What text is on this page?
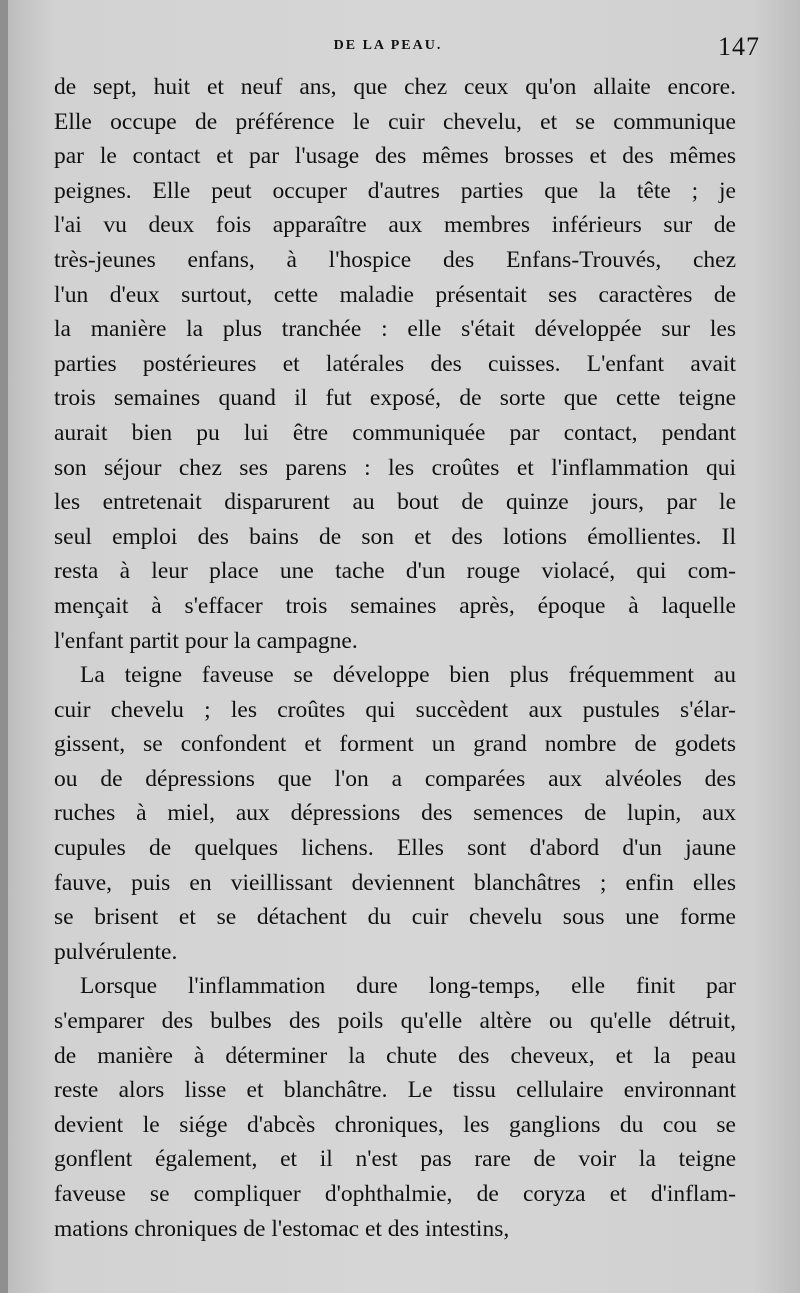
DE LA PEAU.	147
de sept, huit et neuf ans, que chez ceux qu'on allaite encore.
Elle occupe de préférence le cuir chevelu, et se communique
par le contact et par l'usage des mêmes brosses et des mêmes
peignes. Elle peut occuper d'autres parties que la tête ; je
l'ai vu deux fois apparaître aux membres inférieurs sur de
très-jeunes enfans, à l'hospice des Enfans-Trouvés, chez
l'un d'eux surtout, cette maladie présentait ses caractères de
la manière la plus tranchée : elle s'était développée sur les
parties postérieures et latérales des cuisses. L'enfant avait
trois semaines quand il fut exposé, de sorte que cette teigne
aurait bien pu lui être communiquée par contact, pendant
son séjour chez ses parens : les croûtes et l'inflammation qui
les entretenait disparurent au bout de quinze jours, par le
seul emploi des bains de son et des lotions émollientes. Il
resta à leur place une tache d'un rouge violacé, qui com-
mençait à s'effacer trois semaines après, époque à laquelle
l'enfant partit pour la campagne.
La teigne faveuse se développe bien plus fréquemment au
cuir chevelu ; les croûtes qui succèdent aux pustules s'élar-
gissent, se confondent et forment un grand nombre de godets
ou de dépressions que l'on a comparées aux alvéoles des
ruches à miel, aux dépressions des semences de lupin, aux
cupules de quelques lichens. Elles sont d'abord d'un jaune
fauve, puis en vieillissant deviennent blanchâtres ; enfin elles
se brisent et se détachent du cuir chevelu sous une forme
pulvérulente.
Lorsque l'inflammation dure long-temps, elle finit par
s'emparer des bulbes des poils qu'elle altère ou qu'elle détruit,
de manière à déterminer la chute des cheveux, et la peau
reste alors lisse et blanchâtre. Le tissu cellulaire environnant
devient le siége d'abcès chroniques, les ganglions du cou se
gonflent également, et il n'est pas rare de voir la teigne
faveuse se compliquer d'ophthalmie, de coryza et d'inflam-
mations chroniques de l'estomac et des intestins,
